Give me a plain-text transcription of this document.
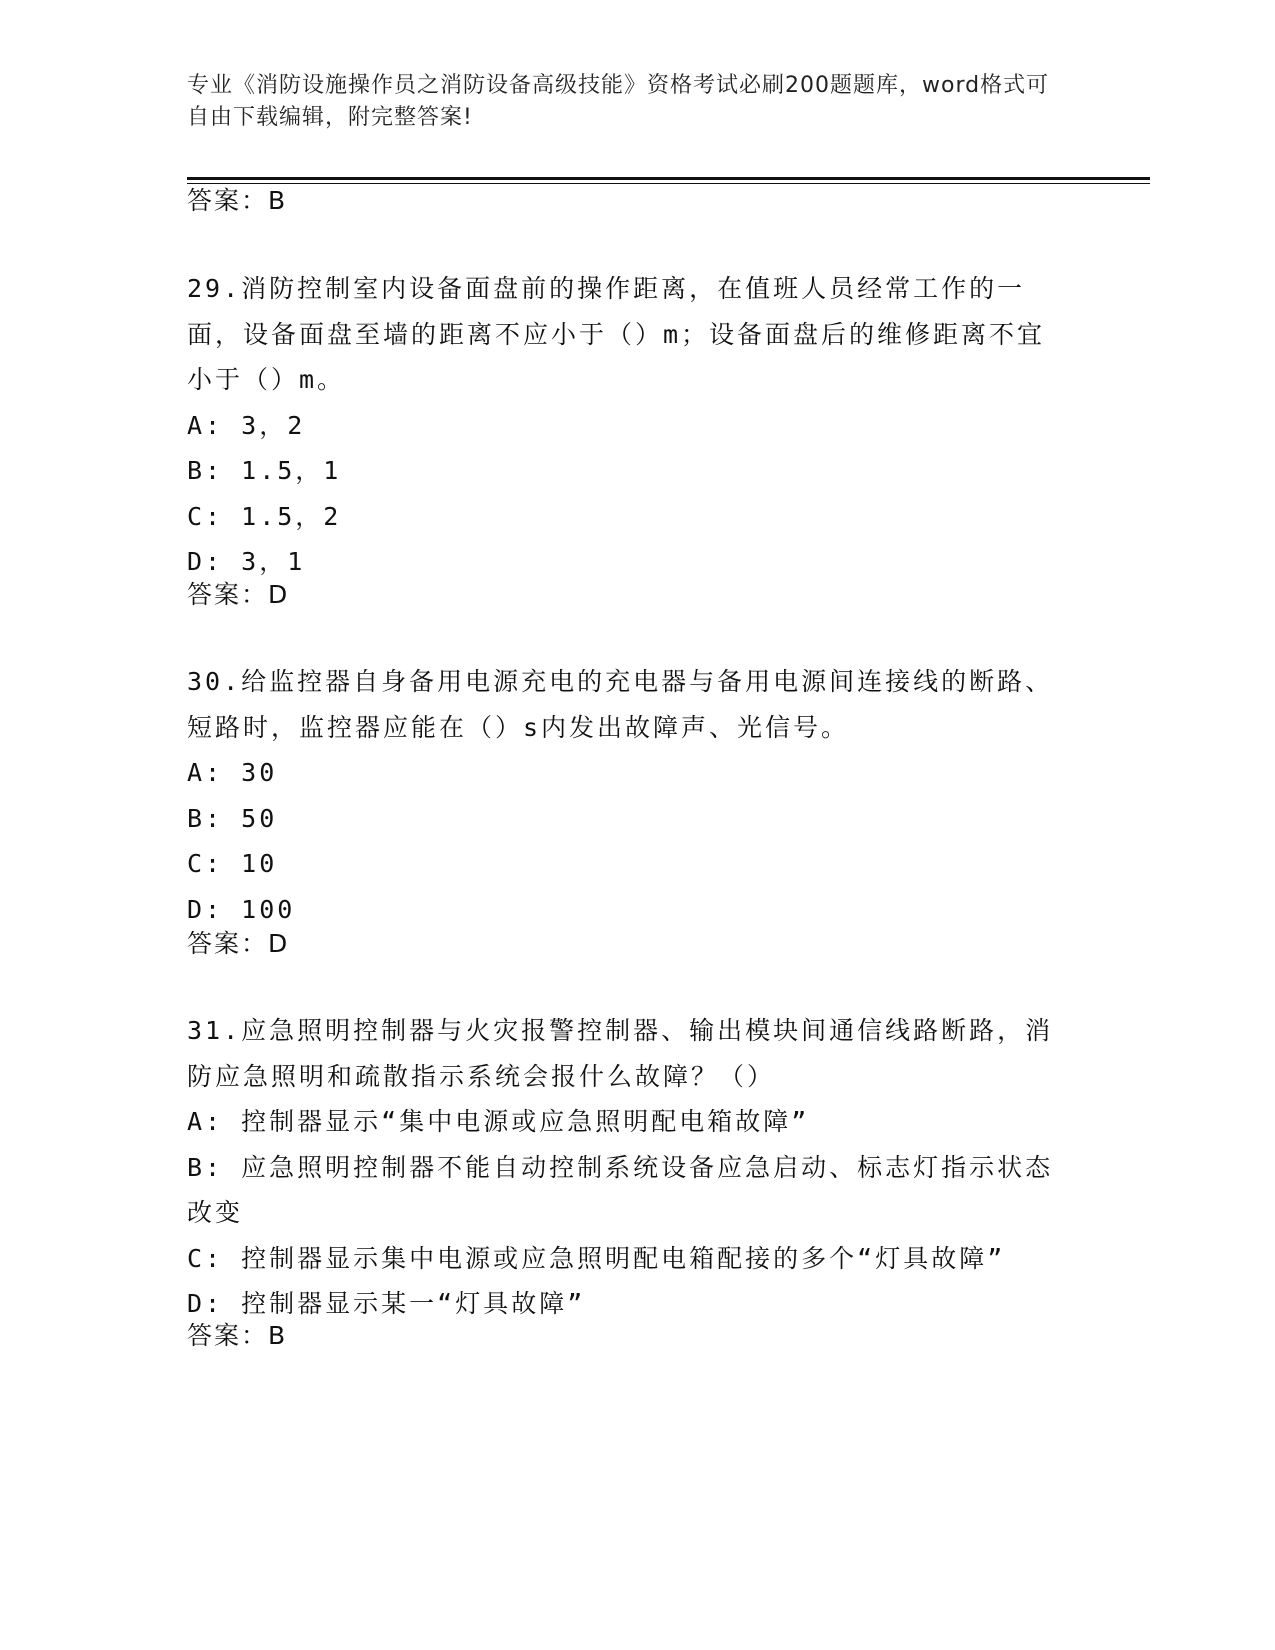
专业《消防设施操作员之消防设备高级技能》资格考试必刷200题题库，word格式可自由下载编辑，附完整答案!
答案：B

29.消防控制室内设备面盘前的操作距离，在值班人员经常工作的一面，设备面盘至墙的距离不应小于（）m；设备面盘后的维修距离不宜小于（）m。

A: 3，2

B: 1.5，1

C: 1.5，2

D: 3，1

答案：D

30.给监控器自身备用电源充电的充电器与备用电源间连接线的断路、短路时，监控器应能在（）s内发出故障声、光信号。

A: 30

B: 50

C: 10

D: 100

答案：D

31.应急照明控制器与火灾报警控制器、输出模块间通信线路断路，消防应急照明和疏散指示系统会报什么故障？（）

A: 控制器显示“集中电源或应急照明配电箱故障”

B: 应急照明控制器不能自动控制系统设备应急启动、标志灯指示状态改变

C: 控制器显示集中电源或应急照明配电箱配接的多个“灯具故障”

D: 控制器显示某一“灯具故障”

答案：B
